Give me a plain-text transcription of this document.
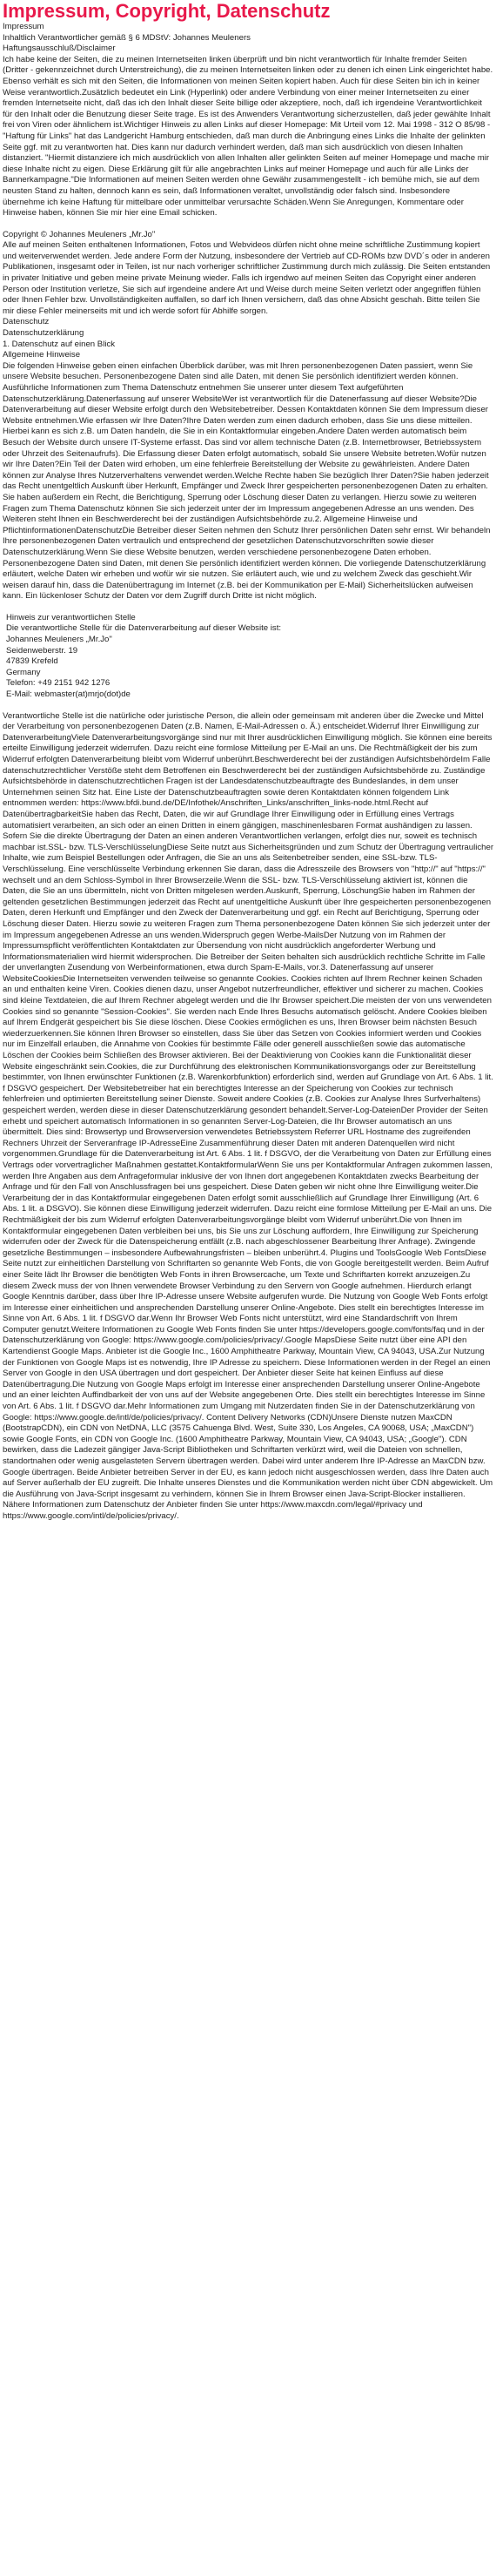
Impressum, Copyright, Datenschutz

Impressum
Inhaltlich Verantwortlicher gemäß § 6 MDStV: Johannes Meuleners
Haftungsausschluß/Disclaimer
Ich habe keine der Seiten, die zu meinen Internetseiten linken überprüft und bin nicht verantwortlich für Inhalte fremder Seiten (Dritter - gekennzeichnet durch Unterstreichung), die zu meinen Internetseiten linken oder zu denen ich einen Link eingerichtet habe. Ebenso verhält es sich mit den Seiten, die Informationen von meinen Seiten kopiert haben. Auch für diese Seiten bin ich in keiner Weise verantwortlich.Zusätzlich bedeutet ein Link (Hyperlink) oder andere Verbindung von einer meiner Internetseiten zu einer fremden Internetseite nicht, daß das ich den Inhalt dieser Seite billige oder akzeptiere, noch, daß ich irgendeine Verantwortlichkeit für den Inhalt oder die Benutzung dieser Seite trage. Es ist des Anwenders Verantwortung sicherzustellen, daß jeder gewählte Inhalt frei von Viren oder ähnlichem ist.Wichtiger Hinweis zu allen Links auf dieser Homepage: Mit Urteil vom 12. Mai 1998 - 312 O 85/98 - "Haftung für Links" hat das Landgericht Hamburg entschieden, daß man durch die Anbringung eines Links die Inhalte der gelinkten Seite ggf. mit zu verantworten hat. Dies kann nur dadurch verhindert werden, daß man sich ausdrücklich von diesen Inhalten distanziert. "Hiermit distanziere ich mich ausdrücklich von allen Inhalten aller gelinkten Seiten auf meiner Homepage und mache mir diese Inhalte nicht zu eigen. Diese Erklärung gilt für alle angebrachten Links auf meiner Homepage und auch für alle Links der Bannerkampagne."Die Informationen auf meinen Seiten werden ohne Gewähr zusammengestellt - ich bemühe mich, sie auf dem neusten Stand zu halten, dennoch kann es sein, daß Informationen veraltet, unvollständig oder falsch sind. Insbesondere übernehme ich keine Haftung für mittelbare oder unmittelbar verursachte Schäden.Wenn Sie Anregungen, Kommentare oder Hinweise haben, können Sie mir hier eine Email schicken.

Copyright © Johannes Meuleners „Mr.Jo"
Alle auf meinen Seiten enthaltenen Informationen, Fotos und Webvideos dürfen nicht ohne meine schriftliche Zustimmung kopiert und weiterverwendet werden. Jede andere Form der Nutzung, insbesondere der Vertrieb auf CD-ROMs bzw DVD´s oder in anderen Publikationen, insgesamt oder in Teilen, ist nur nach vorheriger schriftlicher Zustimmung durch mich zulässig. Die Seiten entstanden in privater Initiative und geben meine private Meinung wieder. Falls ich irgendwo auf meinen Seiten das Copyright einer anderen Person oder Institution verletze, Sie sich auf irgendeine andere Art und Weise durch meine Seiten verletzt oder angegriffen fühlen oder Ihnen Fehler bzw. Unvollständigkeiten auffallen, so darf ich Ihnen versichern, daß das ohne Absicht geschah. Bitte teilen Sie mir diese Fehler meinerseits mit und ich werde sofort für Abhilfe sorgen.

Datenschutz
Datenschutzerklärung
1. Datenschutz auf einen Blick
Allgemeine Hinweise
Die folgenden Hinweise geben einen einfachen Überblick darüber, was mit Ihren personenbezogenen Daten passiert, wenn Sie unsere Website besuchen. Personenbezogene Daten sind alle Daten, mit denen Sie persönlich identifiziert werden können. Ausführliche Informationen zum Thema Datenschutz entnehmen Sie unserer unter diesem Text aufgeführten Datenschutzerklärung.Datenerfassung auf unserer WebsiteWer ist verantwortlich für die Datenerfassung auf dieser Website?Die Datenverarbeitung auf dieser Website erfolgt durch den Websitebetreiber. Dessen Kontaktdaten können Sie dem Impressum dieser Website entnehmen.Wie erfassen wir Ihre Daten?Ihre Daten werden zum einen dadurch erhoben, dass Sie uns diese mitteilen. Hierbei kann es sich z.B. um Daten handeln, die Sie in ein Kontaktformular eingeben.Andere Daten werden automatisch beim Besuch der Website durch unsere IT-Systeme erfasst. Das sind vor allem technische Daten (z.B. Internetbrowser, Betriebssystem oder Uhrzeit des Seitenaufrufs). Die Erfassung dieser Daten erfolgt automatisch, sobald Sie unsere Website betreten.Wofür nutzen wir Ihre Daten?Ein Teil der Daten wird erhoben, um eine fehlerfreie Bereitstellung der Website zu gewährleisten. Andere Daten können zur Analyse Ihres Nutzerverhaltens verwendet werden.Welche Rechte haben Sie bezüglich Ihrer Daten?Sie haben jederzeit das Recht unentgeltlich Auskunft über Herkunft, Empfänger und Zweck Ihrer gespeicherten personenbezogenen Daten zu erhalten. Sie haben außerdem ein Recht, die Berichtigung, Sperrung oder Löschung dieser Daten zu verlangen. Hierzu sowie zu weiteren Fragen zum Thema Datenschutz können Sie sich jederzeit unter der im Impressum angegebenen Adresse an uns wenden. Des Weiteren steht Ihnen ein Beschwerderecht bei der zuständigen Aufsichtsbehörde zu.2. Allgemeine Hinweise und PflichtinformationenDatenschutzDie Betreiber dieser Seiten nehmen den Schutz Ihrer persönlichen Daten sehr ernst. Wir behandeln Ihre personenbezogenen Daten vertraulich und entsprechend der gesetzlichen Datenschutzvorschriften sowie dieser Datenschutzerklärung.Wenn Sie diese Website benutzen, werden verschiedene personenbezogene Daten erhoben. Personenbezogene Daten sind Daten, mit denen Sie persönlich identifiziert werden können. Die vorliegende Datenschutzerklärung erläutert, welche Daten wir erheben und wofür wir sie nutzen. Sie erläutert auch, wie und zu welchem Zweck das geschieht.Wir weisen darauf hin, dass die Datenübertragung im Internet (z.B. bei der Kommunikation per E-Mail) Sicherheitslücken aufweisen kann. Ein lückenloser Schutz der Daten vor dem Zugriff durch Dritte ist nicht möglich.

Hinweis zur verantwortlichen Stelle
Die verantwortliche Stelle für die Datenverarbeitung auf dieser Website ist:
Johannes Meuleners „Mr.Jo"
Seidenweberstr. 19
47839 Krefeld
Germany
Telefon: +49 2151 942 1276
E-Mail: webmaster(at)mrjo(dot)de

Verantwortliche Stelle ist die natürliche oder juristische Person, die allein oder gemeinsam mit anderen über die Zwecke und Mittel der Verarbeitung von personenbezogenen Daten (z.B. Namen, E-Mail-Adressen o. Ä.) entscheidet.Widerruf Ihrer Einwilligung zur DatenverarbeitungViele Datenverarbeitungsvorgänge sind nur mit Ihrer ausdrücklichen Einwilligung möglich. Sie können eine bereits erteilte Einwilligung jederzeit widerrufen. Dazu reicht eine formlose Mitteilung per E-Mail an uns. Die Rechtmäßigkeit der bis zum Widerruf erfolgten Datenverarbeitung bleibt vom Widerruf unberührt.Beschwerderecht bei der zuständigen AufsichtsbehördeIm Falle datenschutzrechtlicher Verstöße steht dem Betroffenen ein Beschwerderecht bei der zuständigen Aufsichtsbehörde zu. Zuständige Aufsichtsbehörde in datenschutzrechtlichen Fragen ist der Landesdatenschutzbeauftragte des Bundeslandes, in dem unser Unternehmen seinen Sitz hat. Eine Liste der Datenschutzbeauftragten sowie deren Kontaktdaten können folgendem Link entnommen werden: https://www.bfdi.bund.de/DE/Infothek/Anschriften_Links/anschriften_links-node.html.Recht auf DatenübertragbarkeitSie haben das Recht, Daten, die wir auf Grundlage Ihrer Einwilligung oder in Erfüllung eines Vertrags automatisiert verarbeiten, an sich oder an einen Dritten in einem gängigen, maschinenlesbaren Format aushändigen zu lassen. Sofern Sie die direkte Übertragung der Daten an einen anderen Verantwortlichen verlangen, erfolgt dies nur, soweit es technisch machbar ist.SSL- bzw. TLS-VerschlüsselungDiese Seite nutzt aus Sicherheitsgründen und zum Schutz der Übertragung vertraulicher Inhalte, wie zum Beispiel Bestellungen oder Anfragen, die Sie an uns als Seitenbetreiber senden, eine SSL-bzw. TLS-Verschlüsselung. Eine verschlüsselte Verbindung erkennen Sie daran, dass die Adresszeile des Browsers von "http://" auf "https://" wechselt und an dem Schloss-Symbol in Ihrer Browserzeile.Wenn die SSL- bzw. TLS-Verschlüsselung aktiviert ist, können die Daten, die Sie an uns übermitteln, nicht von Dritten mitgelesen werden.Auskunft, Sperrung, LöschungSie haben im Rahmen der geltenden gesetzlichen Bestimmungen jederzeit das Recht auf unentgeltliche Auskunft über Ihre gespeicherten personenbezogenen Daten, deren Herkunft und Empfänger und den Zweck der Datenverarbeitung und ggf. ein Recht auf Berichtigung, Sperrung oder Löschung dieser Daten. Hierzu sowie zu weiteren Fragen zum Thema personenbezogene Daten können Sie sich jederzeit unter der im Impressum angegebenen Adresse an uns wenden.Widerspruch gegen Werbe-MailsDer Nutzung von im Rahmen der Impressumspflicht veröffentlichten Kontaktdaten zur Übersendung von nicht ausdrücklich angeforderter Werbung und Informationsmaterialien wird hiermit widersprochen. Die Betreiber der Seiten behalten sich ausdrücklich rechtliche Schritte im Falle der unverlangten Zusendung von Werbeinformationen, etwa durch Spam-E-Mails, vor.3. Datenerfassung auf unserer WebsiteCookiesDie Internetseiten verwenden teilweise so genannte Cookies. Cookies richten auf Ihrem Rechner keinen Schaden an und enthalten keine Viren. Cookies dienen dazu, unser Angebot nutzerfreundlicher, effektiver und sicherer zu machen. Cookies sind kleine Textdateien, die auf Ihrem Rechner abgelegt werden und die Ihr Browser speichert.Die meisten der von uns verwendeten Cookies sind so genannte "Session-Cookies". Sie werden nach Ende Ihres Besuchs automatisch gelöscht. Andere Cookies bleiben auf Ihrem Endgerät gespeichert bis Sie diese löschen. Diese Cookies ermöglichen es uns, Ihren Browser beim nächsten Besuch wiederzuerkennen.Sie können Ihren Browser so einstellen, dass Sie über das Setzen von Cookies informiert werden und Cookies nur im Einzelfall erlauben, die Annahme von Cookies für bestimmte Fälle oder generell ausschließen sowie das automatische Löschen der Cookies beim Schließen des Browser aktivieren. Bei der Deaktivierung von Cookies kann die Funktionalität dieser Website eingeschränkt sein.Cookies, die zur Durchführung des elektronischen Kommunikationsvorgangs oder zur Bereitstellung bestimmter, von Ihnen erwünschter Funktionen (z.B. Warenkorbfunktion) erforderlich sind, werden auf Grundlage von Art. 6 Abs. 1 lit. f DSGVO gespeichert. Der Websitebetreiber hat ein berechtigtes Interesse an der Speicherung von Cookies zur technisch fehlerfreien und optimierten Bereitstellung seiner Dienste. Soweit andere Cookies (z.B. Cookies zur Analyse Ihres Surfverhaltens) gespeichert werden, werden diese in dieser Datenschutzerklärung gesondert behandelt.Server-Log-DateienDer Provider der Seiten erhebt und speichert automatisch Informationen in so genannten Server-Log-Dateien, die Ihr Browser automatisch an uns übermittelt. Dies sind: Browsertyp und Browserversion verwendetes Betriebssystem Referrer URL Hostname des zugreifenden Rechners Uhrzeit der Serveranfrage IP-AdresseEine Zusammenführung dieser Daten mit anderen Datenquellen wird nicht vorgenommen.Grundlage für die Datenverarbeitung ist Art. 6 Abs. 1 lit. f DSGVO, der die Verarbeitung von Daten zur Erfüllung eines Vertrags oder vorvertraglicher Maßnahmen gestattet.KontaktformularWenn Sie uns per Kontaktformular Anfragen zukommen lassen, werden Ihre Angaben aus dem Anfrageformular inklusive der von Ihnen dort angegebenen Kontaktdaten zwecks Bearbeitung der Anfrage und für den Fall von Anschlussfragen bei uns gespeichert. Diese Daten geben wir nicht ohne Ihre Einwilligung weiter.Die Verarbeitung der in das Kontaktformular eingegebenen Daten erfolgt somit ausschließlich auf Grundlage Ihrer Einwilligung (Art. 6 Abs. 1 lit. a DSGVO). Sie können diese Einwilligung jederzeit widerrufen. Dazu reicht eine formlose Mitteilung per E-Mail an uns. Die Rechtmäßigkeit der bis zum Widerruf erfolgten Datenverarbeitungsvorgänge bleibt vom Widerruf unberührt.Die von Ihnen im Kontaktformular eingegebenen Daten verbleiben bei uns, bis Sie uns zur Löschung auffordern, Ihre Einwilligung zur Speicherung widerrufen oder der Zweck für die Datenspeicherung entfällt (z.B. nach abgeschlossener Bearbeitung Ihrer Anfrage). Zwingende gesetzliche Bestimmungen – insbesondere Aufbewahrungsfristen – bleiben unberührt.4. Plugins und ToolsGoogle Web FontsDiese Seite nutzt zur einheitlichen Darstellung von Schriftarten so genannte Web Fonts, die von Google bereitgestellt werden. Beim Aufruf einer Seite lädt Ihr Browser die benötigten Web Fonts in ihren Browsercache, um Texte und Schriftarten korrekt anzuzeigen.Zu diesem Zweck muss der von Ihnen verwendete Browser Verbindung zu den Servern von Google aufnehmen. Hierdurch erlangt Google Kenntnis darüber, dass über Ihre IP-Adresse unsere Website aufgerufen wurde. Die Nutzung von Google Web Fonts erfolgt im Interesse einer einheitlichen und ansprechenden Darstellung unserer Online-Angebote. Dies stellt ein berechtigtes Interesse im Sinne von Art. 6 Abs. 1 lit. f DSGVO dar.Wenn Ihr Browser Web Fonts nicht unterstützt, wird eine Standardschrift von Ihrem Computer genutzt.Weitere Informationen zu Google Web Fonts finden Sie unter https://developers.google.com/fonts/faq und in der Datenschutzerklärung von Google: https://www.google.com/policies/privacy/.Google MapsDiese Seite nutzt über eine API den Kartendienst Google Maps. Anbieter ist die Google Inc., 1600 Amphitheatre Parkway, Mountain View, CA 94043, USA.Zur Nutzung der Funktionen von Google Maps ist es notwendig, Ihre IP Adresse zu speichern. Diese Informationen werden in der Regel an einen Server von Google in den USA übertragen und dort gespeichert. Der Anbieter dieser Seite hat keinen Einfluss auf diese Datenübertragung.Die Nutzung von Google Maps erfolgt im Interesse einer ansprechenden Darstellung unserer Online-Angebote und an einer leichten Auffindbarkeit der von uns auf der Website angegebenen Orte. Dies stellt ein berechtigtes Interesse im Sinne von Art. 6 Abs. 1 lit. f DSGVO dar.Mehr Informationen zum Umgang mit Nutzerdaten finden Sie in der Datenschutzerklärung von Google: https://www.google.de/intl/de/policies/privacy/. Content Delivery Networks (CDN)Unsere Dienste nutzen MaxCDN (BootstrapCDN), ein CDN von NetDNA, LLC (3575 Cahuenga Blvd. West, Suite 330, Los Angeles, CA 90068, USA; „MaxCDN") sowie Google Fonts, ein CDN von Google Inc. (1600 Amphitheatre Parkway, Mountain View, CA 94043, USA; „Google"). CDN bewirken, dass die Ladezeit gängiger Java-Script Bibliotheken und Schriftarten verkürzt wird, weil die Dateien von schnellen, standortnahen oder wenig ausgelasteten Servern übertragen werden. Dabei wird unter anderem Ihre IP-Adresse an MaxCDN bzw. Google übertragen. Beide Anbieter betreiben Server in der EU, es kann jedoch nicht ausgeschlossen werden, dass Ihre Daten auch auf Server außerhalb der EU zugreift. Die Inhalte unseres Dienstes und die Kommunikation werden nicht über CDN abgewickelt. Um die Ausführung von Java-Script insgesamt zu verhindern, können Sie in Ihrem Browser einen Java-Script-Blocker installieren. Nähere Informationen zum Datenschutz der Anbieter finden Sie unter https://www.maxcdn.com/legal/#privacy und https://www.google.com/intl/de/policies/privacy/.
